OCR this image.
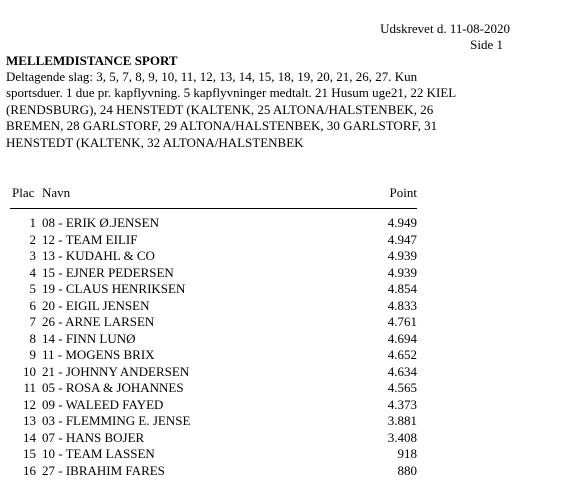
Udskrevet d. 11-08-2020
Side 1
MELLEMDISTANCE SPORT
Deltagende slag: 3, 5, 7, 8, 9, 10, 11, 12, 13, 14, 15, 18, 19, 20, 21, 26, 27. Kun sportsduer. 1 due pr. kapflyvning. 5 kapflyvninger medtalt. 21 Husum uge21, 22 KIEL (RENDSBURG), 24 HENSTEDT (KALTENK, 25 ALTONA/HALSTENBEK, 26 BREMEN, 28 GARLSTORF, 29 ALTONA/HALSTENBEK, 30 GARLSTORF, 31 HENSTEDT (KALTENK, 32 ALTONA/HALSTENBEK
Plac Navn	Point
1 08 - ERIK Ø.JENSEN	4.949
2 12 - TEAM EILIF	4.947
3 13 - KUDAHL & CO	4.939
4 15 - EJNER PEDERSEN	4.939
5 19 - CLAUS HENRIKSEN	4.854
6 20 - EIGIL JENSEN	4.833
7 26 - ARNE LARSEN	4.761
8 14 - FINN LUNØ	4.694
9 11 - MOGENS BRIX	4.652
10 21 - JOHNNY ANDERSEN	4.634
11 05 - ROSA & JOHANNES	4.565
12 09 - WALEED FAYED	4.373
13 03 - FLEMMING E. JENSE	3.881
14 07 - HANS BOJER	3.408
15 10 - TEAM LASSEN	918
16 27 - IBRAHIM FARES	880
